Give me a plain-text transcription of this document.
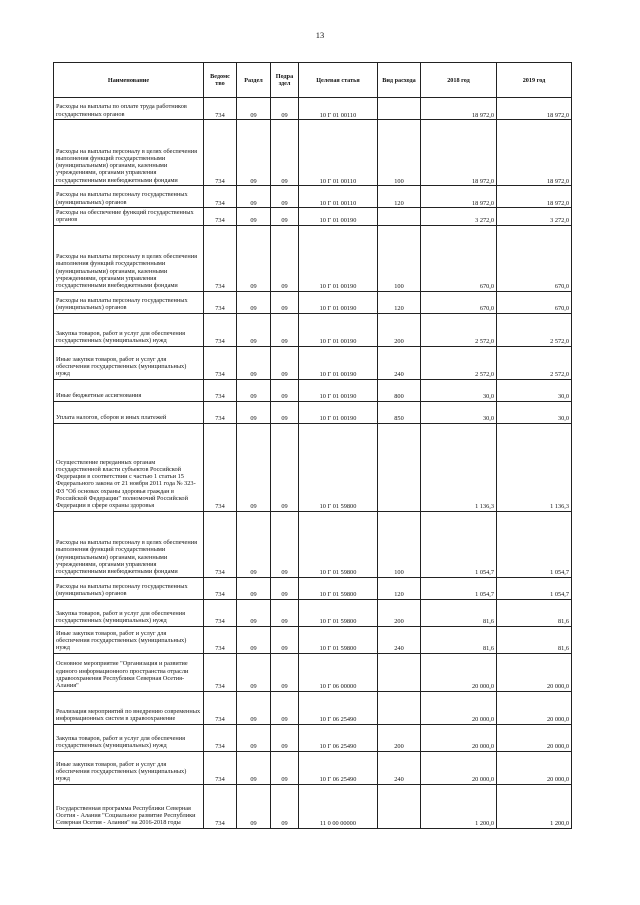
13
Наименование	Ведомс тво	Раздел	Подра здел	Целевая статья	Вид расхода	2018 год	2019 год
Расходы на выплаты по оплате труда работников государственных органов	734	09	09	10 Г 01 00110		18 972,0	18 972,0
Расходы на выплаты персоналу в целях обеспечения выполнения функций государственными (муниципальными) органами, казенными учреждениями, органами управления государственными внебюджетными фондами	734	09	09	10 Г 01 00110	100	18 972,0	18 972,0
Расходы на выплаты персоналу государственных (муниципальных) органов	734	09	09	10 Г 01 00110	120	18 972,0	18 972,0
Расходы на обеспечение функций государственных органов	734	09	09	10 Г 01 00190		3 272,0	3 272,0
Расходы на выплаты персоналу в целях обеспечения выполнения функций государственными (муниципальными) органами, казенными учреждениями, органами управления государственными внебюджетными фондами	734	09	09	10 Г 01 00190	100	670,0	670,0
Расходы на выплаты персоналу государственных (муниципальных) органов	734	09	09	10 Г 01 00190	120	670,0	670,0
Закупка товаров, работ и услуг для обеспечения государственных (муниципальных) нужд	734	09	09	10 Г 01 00190	200	2 572,0	2 572,0
Иные закупки товаров, работ и услуг для обеспечения государственных (муниципальных) нужд	734	09	09	10 Г 01 00190	240	2 572,0	2 572,0
Иные бюджетные ассигнования	734	09	09	10 Г 01 00190	800	30,0	30,0
Уплата налогов, сборов и иных платежей	734	09	09	10 Г 01 00190	850	30,0	30,0
Осуществление переданных органам государственной власти субъектов Российской Федерации в соответствии с частью 1 статьи 15 Федерального закона от 21 ноября 2011 года № 323-ФЗ "Об основах охраны здоровья граждан в Российской Федерации" полномочий Российской Федерации в сфере охраны здоровья	734	09	09	10 Г 01 59800		1 136,3	1 136,3
Расходы на выплаты персоналу в целях обеспечения выполнения функций государственными (муниципальными) органами, казенными учреждениями, органами управления государственными внебюджетными фондами	734	09	09	10 Г 01 59800	100	1 054,7	1 054,7
Расходы на выплаты персоналу государственных (муниципальных) органов	734	09	09	10 Г 01 59800	120	1 054,7	1 054,7
Закупка товаров, работ и услуг для обеспечения государственных (муниципальных) нужд	734	09	09	10 Г 01 59800	200	81,6	81,6
Иные закупки товаров, работ и услуг для обеспечения государственных (муниципальных) нужд	734	09	09	10 Г 01 59800	240	81,6	81,6
Основное мероприятие "Организация и развитие единого информационного пространства отрасли здравоохранения Республики Северная Осетия-Алания"	734	09	09	10 Г 06 00000		20 000,0	20 000,0
Реализация мероприятий по внедрению современных информационных систем в здравоохранение	734	09	09	10 Г 06 25490		20 000,0	20 000,0
Закупка товаров, работ и услуг для обеспечения государственных (муниципальных) нужд	734	09	09	10 Г 06 25490	200	20 000,0	20 000,0
Иные закупки товаров, работ и услуг для обеспечения государственных (муниципальных) нужд	734	09	09	10 Г 06 25490	240	20 000,0	20 000,0
Государственная программа Республики Северная Осетия - Алания "Социальное развитие Республики Северная Осетия - Алания" на 2016-2018 годы	734	09	09	11 0 00 00000		1 200,0	1 200,0
